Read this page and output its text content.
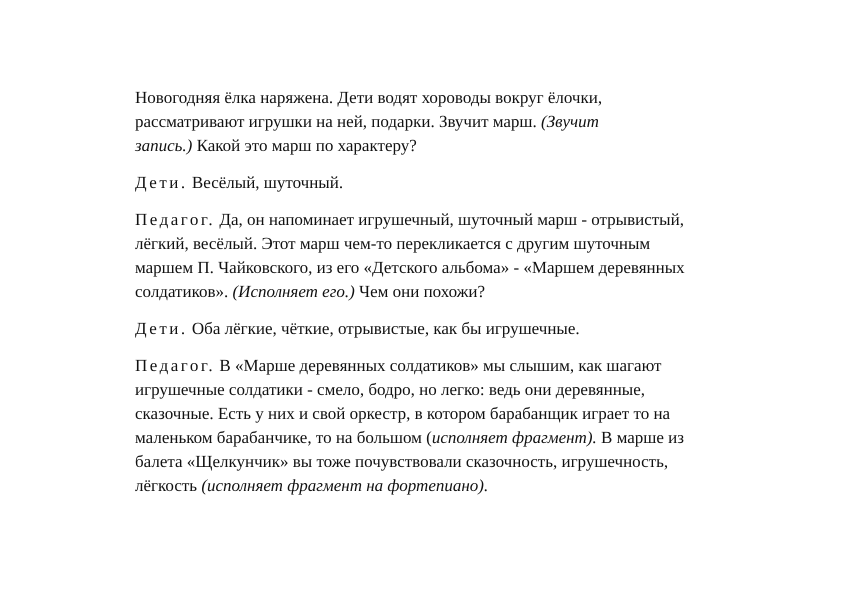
Новогодняя ёлка наряжена. Дети водят хороводы вокруг ёлочки,
рассматривают игрушки на ней, подарки. Звучит марш. (Звучит
запись.) Какой это марш по характеру?
Дети. Весёлый, шуточный.
Педагог. Да, он напоминает игрушечный, шуточный марш - отрывистый,
лёгкий, весёлый. Этот марш чем-то перекликается с другим шуточным
маршем П. Чайковского, из его «Детского альбома» - «Маршем деревянных
солдатиков». (Исполняет его.) Чем они похожи?
Дети. Оба лёгкие, чёткие, отрывистые, как бы игрушечные.
Педагог. В «Марше деревянных солдатиков» мы слышим, как шагают
игрушечные солдатики - смело, бодро, но легко: ведь они деревянные,
сказочные. Есть у них и свой оркестр, в котором барабанщик играет то на
маленьком барабанчике, то на большом (исполняет фрагмент). В марше из
балета «Щелкунчик» вы тоже почувствовали сказочность, игрушечность,
лёгкость (исполняет фрагмент на фортепиано).
